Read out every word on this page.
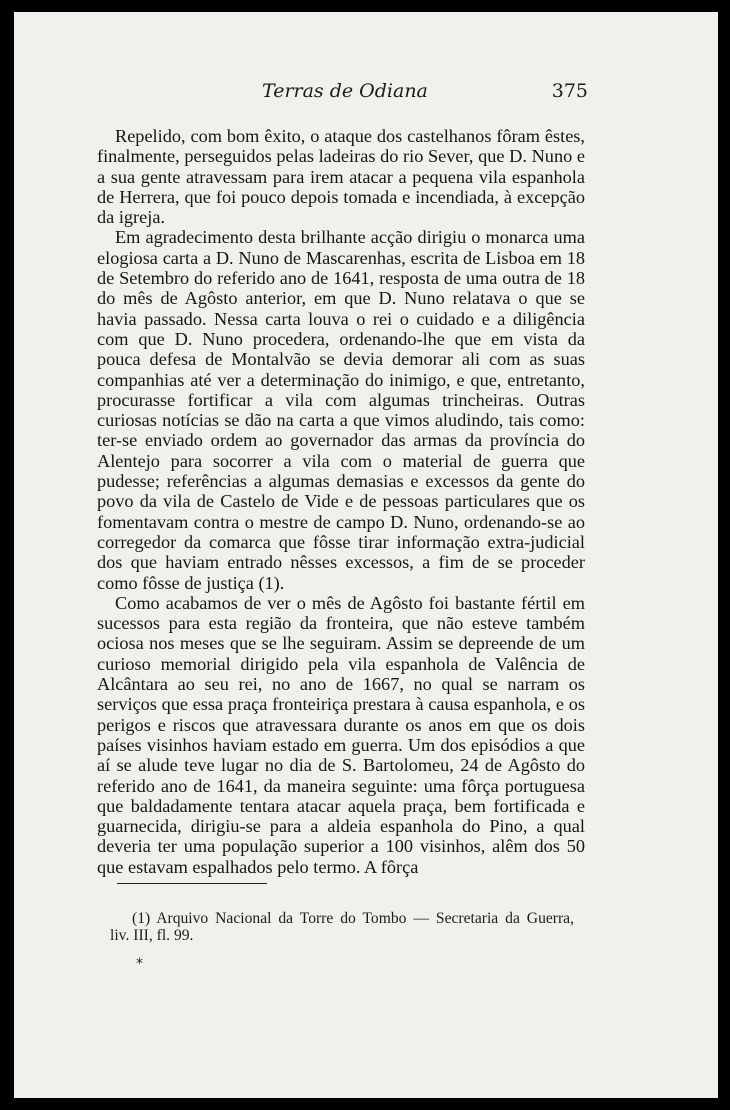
Terras de Odiana	375

Repelido, com bom êxito, o ataque dos castelhanos fôram êstes, finalmente, perseguidos pelas ladeiras do rio Sever, que D. Nuno e a sua gente atravessam para irem atacar a pequena vila espanhola de Herrera, que foi pouco depois tomada e incendiada, à excepção da igreja.

Em agradecimento desta brilhante acção dirigiu o monarca uma elogiosa carta a D. Nuno de Mascarenhas, escrita de Lisboa em 18 de Setembro do referido ano de 1641, resposta de uma outra de 18 do mês de Agôsto anterior, em que D. Nuno relatava o que se havia passado. Nessa carta louva o rei o cuidado e a diligência com que D. Nuno procedera, ordenando-lhe que em vista da pouca defesa de Montalvão se devia demorar ali com as suas companhias até ver a determinação do inimigo, e que, entretanto, procurasse fortificar a vila com algumas trincheiras. Outras curiosas notícias se dão na carta a que vimos aludindo, tais como: ter-se enviado ordem ao governador das armas da província do Alentejo para socorrer a vila com o material de guerra que pudesse; referências a algumas demasias e excessos da gente do povo da vila de Castelo de Vide e de pessoas particulares que os fomentavam contra o mestre de campo D. Nuno, ordenando-se ao corregedor da comarca que fôsse tirar informação extra-judicial dos que haviam entrado nêsses excessos, a fim de se proceder como fôsse de justiça (1).

Como acabamos de ver o mês de Agôsto foi bastante fértil em sucessos para esta região da fronteira, que não esteve também ociosa nos meses que se lhe seguiram. Assim se depreende de um curioso memorial dirigido pela vila espanhola de Valência de Alcântara ao seu rei, no ano de 1667, no qual se narram os serviços que essa praça fronteiriça prestara à causa espanhola, e os perigos e riscos que atravessara durante os anos em que os dois países visinhos haviam estado em guerra. Um dos episódios a que aí se alude teve lugar no dia de S. Bartolomeu, 24 de Agôsto do referido ano de 1641, da maneira seguinte: uma fôrça portuguesa que baldadamente tentara atacar aquela praça, bem fortificada e guarnecida, dirigiu-se para a aldeia espanhola do Pino, a qual deveria ter uma população superior a 100 visinhos, alêm dos 50 que estavam espalhados pelo termo. A fôrça

(1) Arquivo Nacional da Torre do Tombo — Secretaria da Guerra,
liv. III, fl. 99.
*
